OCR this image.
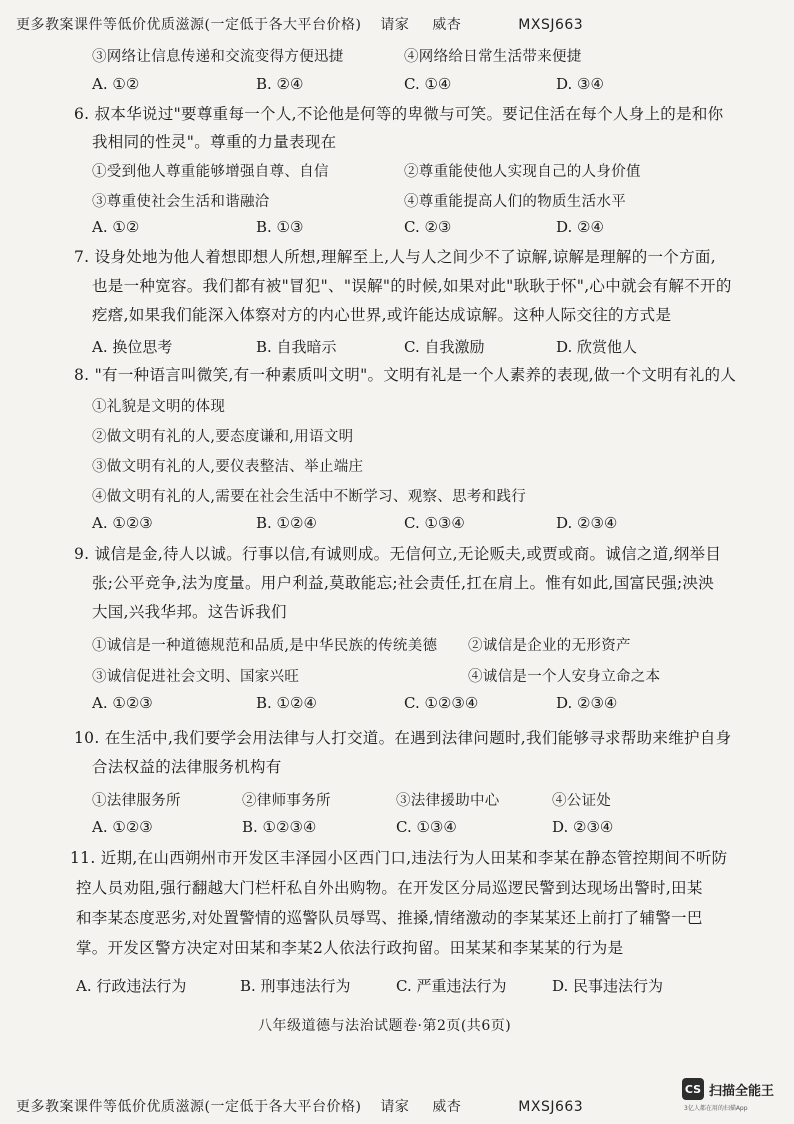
更多教案课件等低价优质滋源(一定低于各大平台价格) 请家 威杏	MXSJ663
③网络让信息传递和交流变得方便迅捷	④网络给日常生活带来便捷
A. ①②	B. ②④	C. ①④	D. ③④
6. 叔本华说过"要尊重每一个人,不论他是何等的卑微与可笑。要记住活在每个人身上的是和你
我相同的性灵"。尊重的力量表现在
①受到他人尊重能够增强自尊、自信	②尊重能使他人实现自己的人身价值
③尊重使社会生活和谐融洽	④尊重能提高人们的物质生活水平
A. ①②	B. ①③	C. ②③	D. ②④
7. 设身处地为他人着想即想人所想,理解至上,人与人之间少不了谅解,谅解是理解的一个方面,
也是一种宽容。我们都有被"冒犯"、"误解"的时候,如果对此"耿耿于怀",心中就会有解不开的
疙瘩,如果我们能深入体察对方的内心世界,或许能达成谅解。这种人际交往的方式是
A. 换位思考	B. 自我暗示	C. 自我激励	D. 欣赏他人
8. "有一种语言叫微笑,有一种素质叫文明"。文明有礼是一个人素养的表现,做一个文明有礼的人
①礼貌是文明的体现
②做文明有礼的人,要态度谦和,用语文明
③做文明有礼的人,要仪表整洁、举止端庄
④做文明有礼的人,需要在社会生活中不断学习、观察、思考和践行
A. ①②③	B. ①②④	C. ①③④	D. ②③④
9. 诚信是金,待人以诚。行事以信,有诚则成。无信何立,无论贩夫,或贾或商。诚信之道,纲举目
张;公平竞争,法为度量。用户利益,莫敢能忘;社会责任,扛在肩上。惟有如此,国富民强;泱泱
大国,兴我华邦。这告诉我们
①诚信是一种道德规范和品质,是中华民族的传统美德 ②诚信是企业的无形资产
③诚信促进社会文明、国家兴旺	④诚信是一个人安身立命之本
A. ①②③	B. ①②④	C. ①②③④	D. ②③④
10. 在生活中,我们要学会用法律与人打交道。在遇到法律问题时,我们能够寻求帮助来维护自身
合法权益的法律服务机构有
①法律服务所	②律师事务所	③法律援助中心	④公证处
A. ①②③	B. ①②③④	C. ①③④	D. ②③④
11. 近期,在山西朔州市开发区丰泽园小区西门口,违法行为人田某和李某在静态管控期间不听防
控人员劝阻,强行翻越大门栏杆私自外出购物。在开发区分局巡逻民警到达现场出警时,田某
和李某态度恶劣,对处置警情的巡警队员辱骂、推搡,情绪激动的李某某还上前打了辅警一巴
掌。开发区警方决定对田某和李某2人依法行政拘留。田某某和李某某的行为是
A. 行政违法行为	B. 刑事违法行为	C. 严重违法行为	D. 民事违法行为
八年级道德与法治试题卷·第2页(共6页)
更多教案课件等低价优质滋源(一定低于各大平台价格) 请家 威杏	MXSJ663
CS 扫描全能王
3亿人都在用的扫描App
